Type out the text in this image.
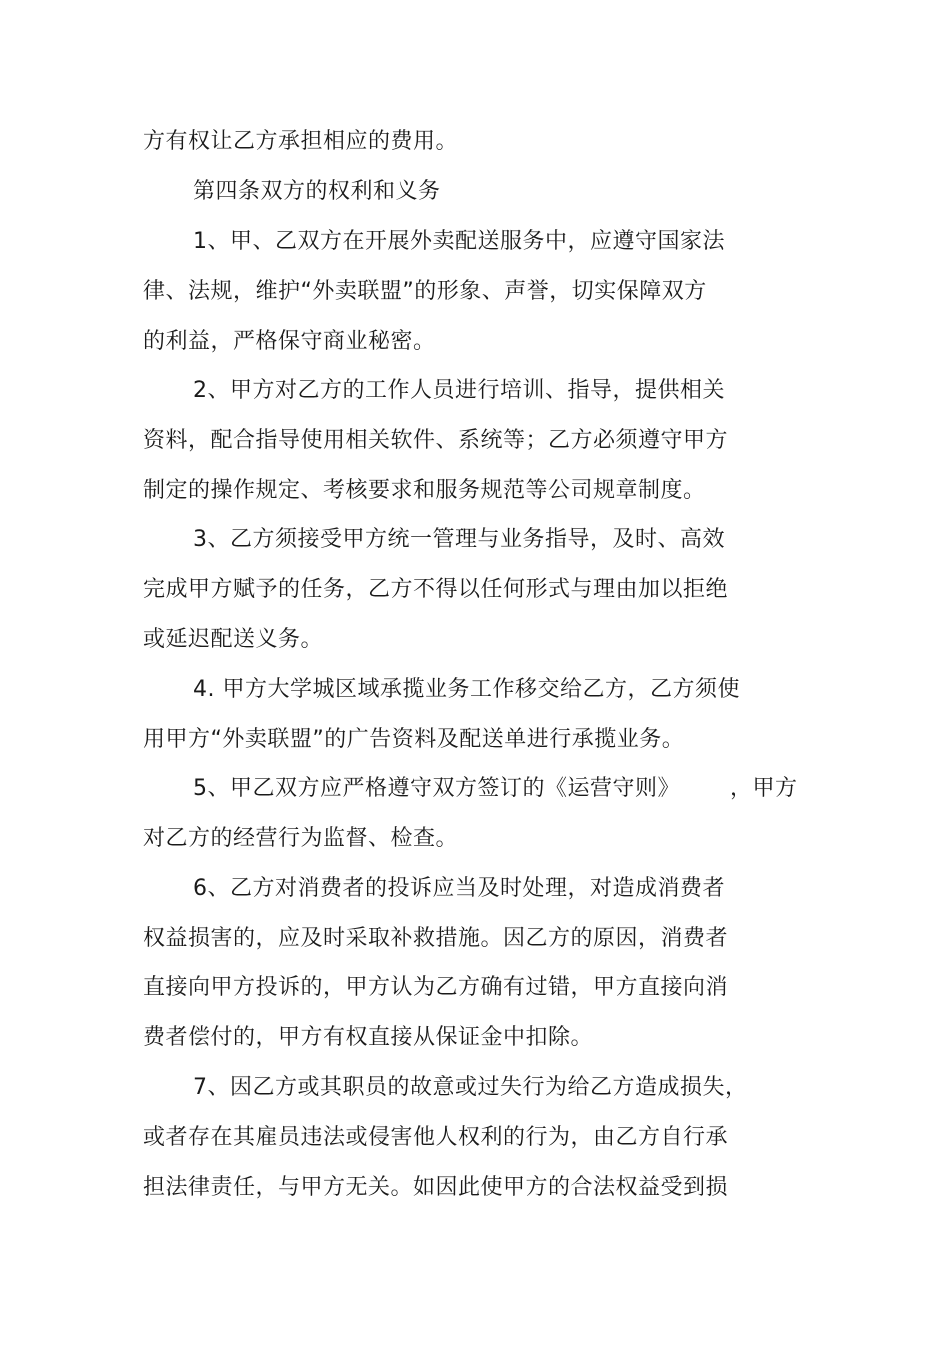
方有权让乙方承担相应的费用。
第四条双方的权利和义务
1、甲、乙双方在开展外卖配送服务中，应遵守国家法
律、法规，维护“外卖联盟”的形象、声誉，切实保障双方
的利益，严格保守商业秘密。
2、甲方对乙方的工作人员进行培训、指导，提供相关
资料，配合指导使用相关软件、系统等；乙方必须遵守甲方
制定的操作规定、考核要求和服务规范等公司规章制度。
3、乙方须接受甲方统一管理与业务指导，及时、高效
完成甲方赋予的任务，乙方不得以任何形式与理由加以拒绝
或延迟配送义务。
4. 甲方大学城区域承揽业务工作移交给乙方，乙方须使
用甲方“外卖联盟”的广告资料及配送单进行承揽业务。
5、甲乙双方应严格遵守双方签订的《运营守则》 ，甲方
对乙方的经营行为监督、检查。
6、乙方对消费者的投诉应当及时处理，对造成消费者
权益损害的，应及时采取补救措施。因乙方的原因，消费者
直接向甲方投诉的，甲方认为乙方确有过错，甲方直接向消
费者偿付的，甲方有权直接从保证金中扣除。
7、因乙方或其职员的故意或过失行为给乙方造成损失，
或者存在其雇员违法或侵害他人权利的行为，由乙方自行承
担法律责任，与甲方无关。如因此使甲方的合法权益受到损
